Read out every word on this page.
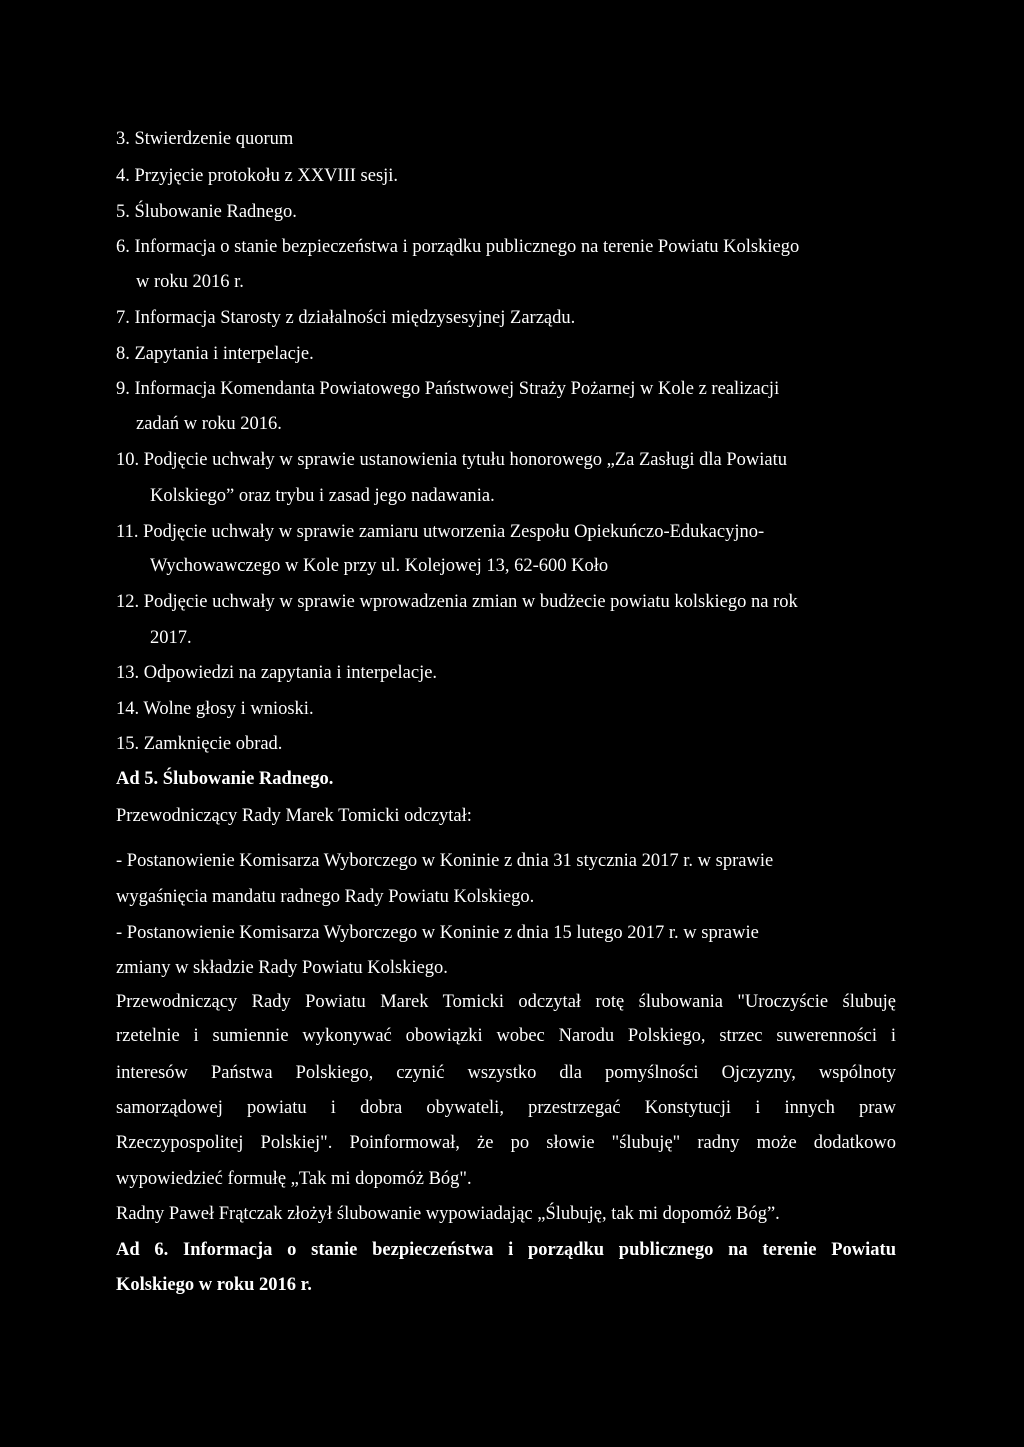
3. Stwierdzenie quorum
4. Przyjęcie protokołu z XXVIII sesji.
5. Ślubowanie Radnego.
6. Informacja o stanie bezpieczeństwa i porządku publicznego na terenie Powiatu Kolskiego
w roku 2016 r.
7. Informacja Starosty z działalności międzysesyjnej Zarządu.
8. Zapytania i interpelacje.
9. Informacja Komendanta Powiatowego Państwowej Straży Pożarnej w Kole z realizacji
zadań w roku 2016.
10. Podjęcie uchwały w sprawie ustanowienia tytułu honorowego „Za Zasługi dla Powiatu
Kolskiego” oraz trybu i zasad jego nadawania.
11. Podjęcie uchwały w sprawie zamiaru utworzenia Zespołu Opiekuńczo-Edukacyjno-
Wychowawczego w Kole przy ul. Kolejowej 13, 62-600 Koło
12. Podjęcie uchwały w sprawie wprowadzenia zmian w budżecie powiatu kolskiego na rok
2017.
13. Odpowiedzi na zapytania i interpelacje.
14. Wolne głosy i wnioski.
15. Zamknięcie obrad.
Ad 5. Ślubowanie Radnego.
Przewodniczący Rady Marek Tomicki odczytał:
- Postanowienie Komisarza Wyborczego w Koninie z dnia 31 stycznia 2017 r. w sprawie
wygaśnięcia mandatu radnego Rady Powiatu Kolskiego.
- Postanowienie Komisarza Wyborczego w Koninie z dnia 15 lutego 2017 r. w sprawie
zmiany w składzie Rady Powiatu Kolskiego.
Przewodniczący Rady Powiatu Marek Tomicki odczytał rotę ślubowania "Uroczyście ślubuję
rzetelnie i sumiennie wykonywać obowiązki wobec Narodu Polskiego, strzec suwerenności i
interesów Państwa Polskiego, czynić wszystko dla pomyślności Ojczyzny, wspólnoty
samorządowej powiatu i dobra obywateli, przestrzegać Konstytucji i innych praw
Rzeczypospolitej Polskiej". Poinformował, że po słowie "ślubuję" radny może dodatkowo
wypowiedzieć formułę „Tak mi dopomóż Bóg".
Radny Paweł Frątczak złożył ślubowanie wypowiadając „Ślubuję, tak mi dopomóż Bóg”.
Ad 6. Informacja o stanie bezpieczeństwa i porządku publicznego na terenie Powiatu
Kolskiego w roku 2016 r.
